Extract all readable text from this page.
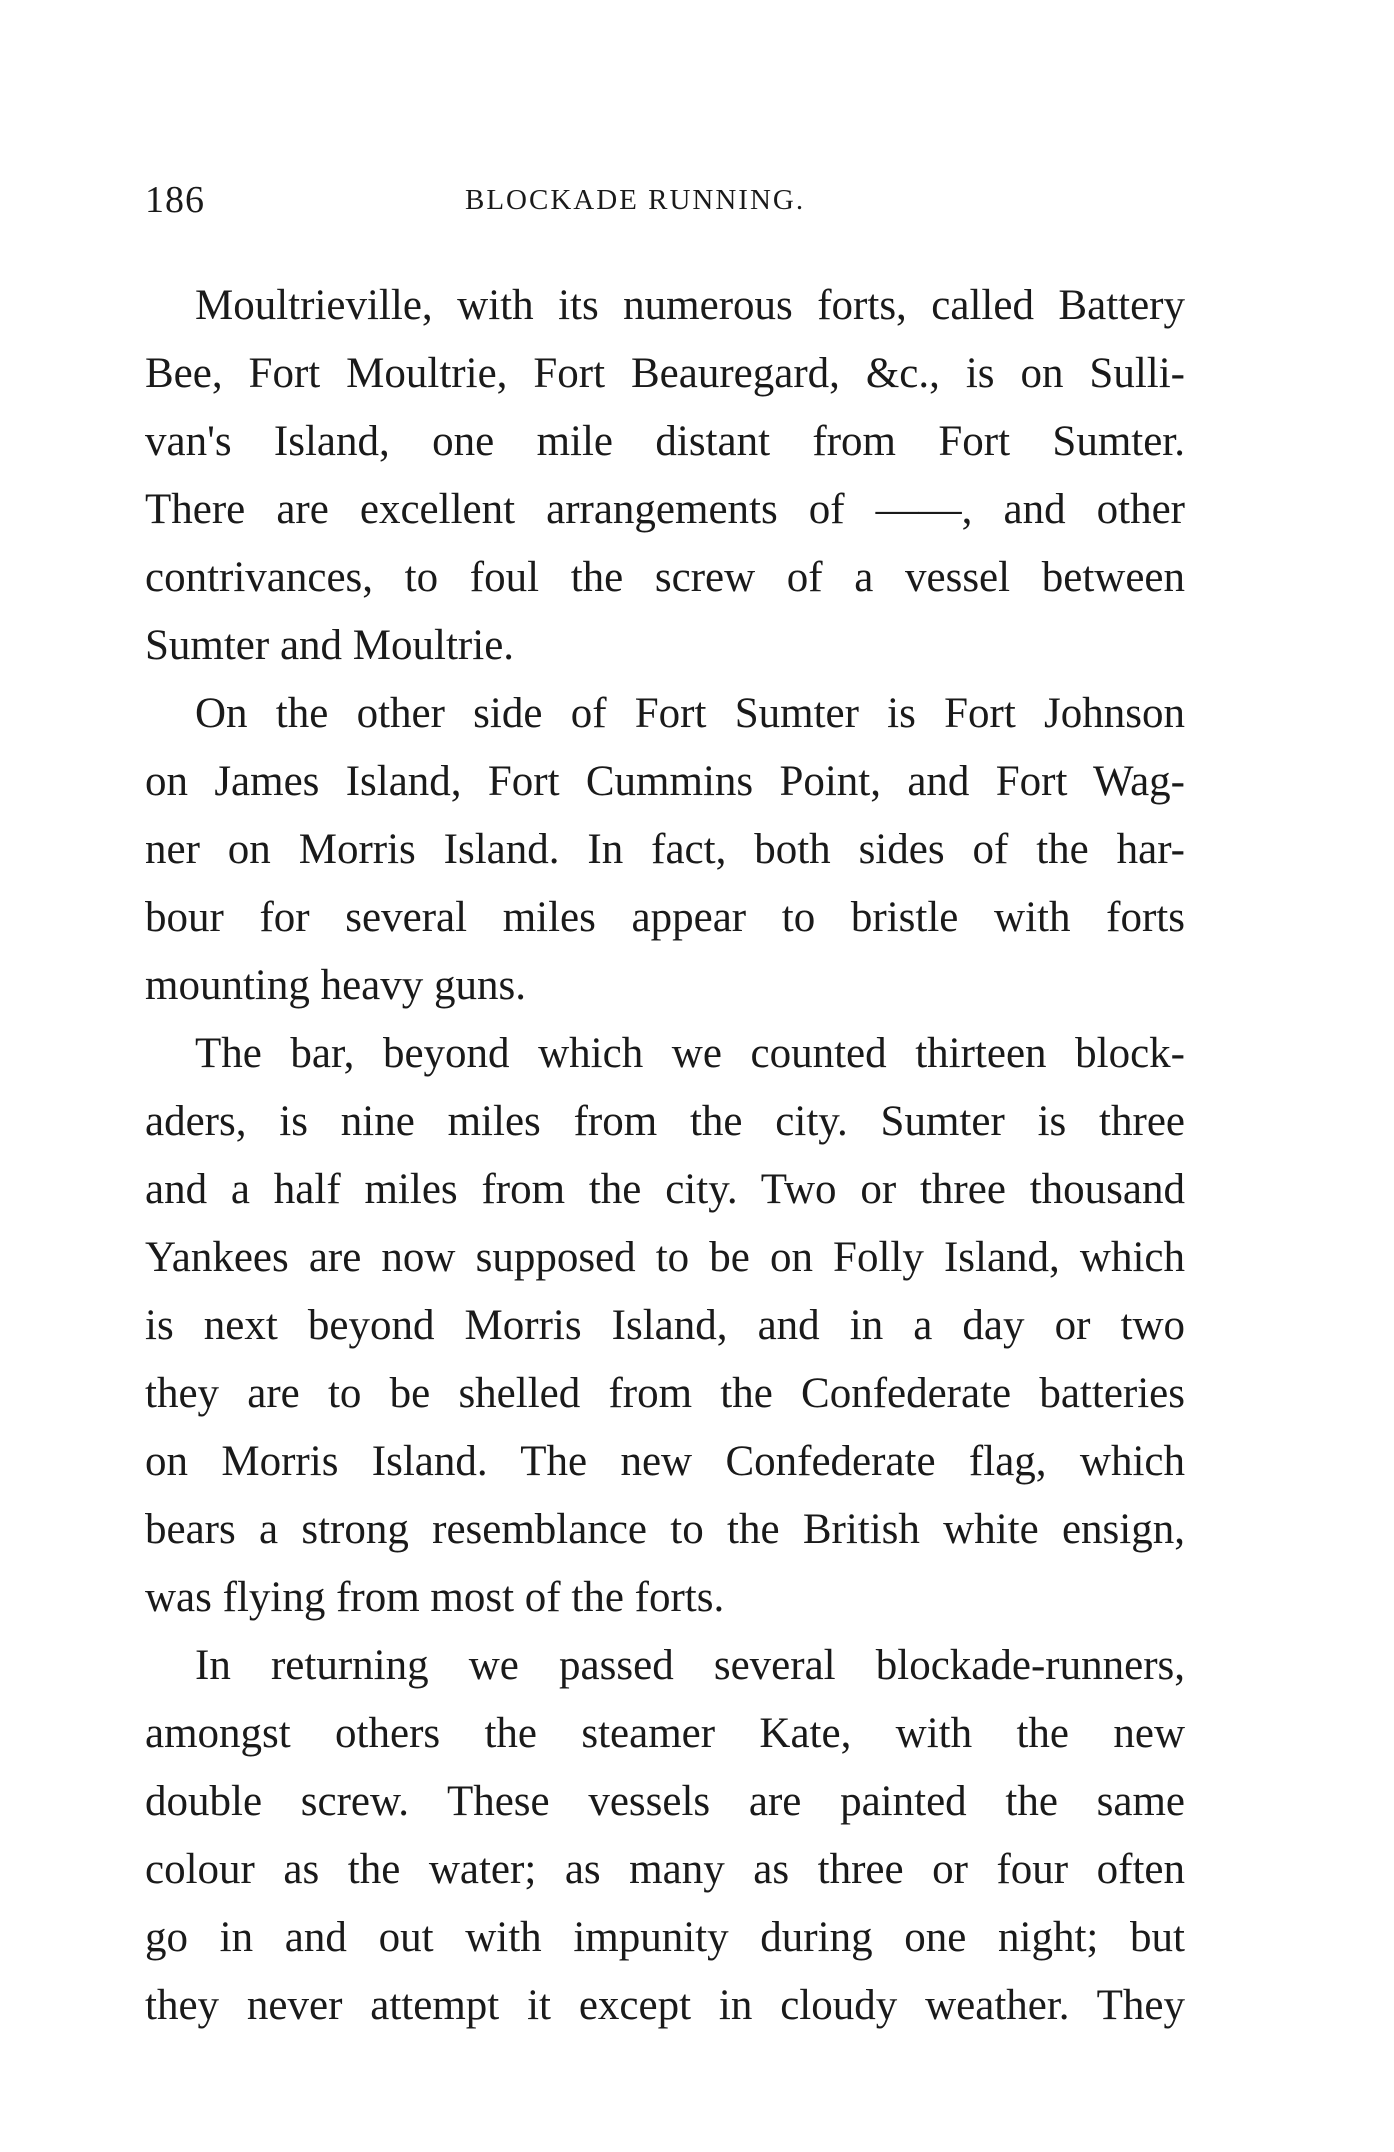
186	BLOCKADE RUNNING.
Moultrieville, with its numerous forts, called Battery
Bee, Fort Moultrie, Fort Beauregard, &c., is on Sulli-
van's Island, one mile distant from Fort Sumter.
There are excellent arrangements of ——, and other
contrivances, to foul the screw of a vessel between
Sumter and Moultrie.
On the other side of Fort Sumter is Fort Johnson
on James Island, Fort Cummins Point, and Fort Wag-
ner on Morris Island. In fact, both sides of the har-
bour for several miles appear to bristle with forts
mounting heavy guns.
The bar, beyond which we counted thirteen block-
aders, is nine miles from the city. Sumter is three
and a half miles from the city. Two or three thousand
Yankees are now supposed to be on Folly Island, which
is next beyond Morris Island, and in a day or two
they are to be shelled from the Confederate batteries
on Morris Island. The new Confederate flag, which
bears a strong resemblance to the British white ensign,
was flying from most of the forts.
In returning we passed several blockade-runners,
amongst others the steamer Kate, with the new
double screw. These vessels are painted the same
colour as the water; as many as three or four often
go in and out with impunity during one night; but
they never attempt it except in cloudy weather. They
